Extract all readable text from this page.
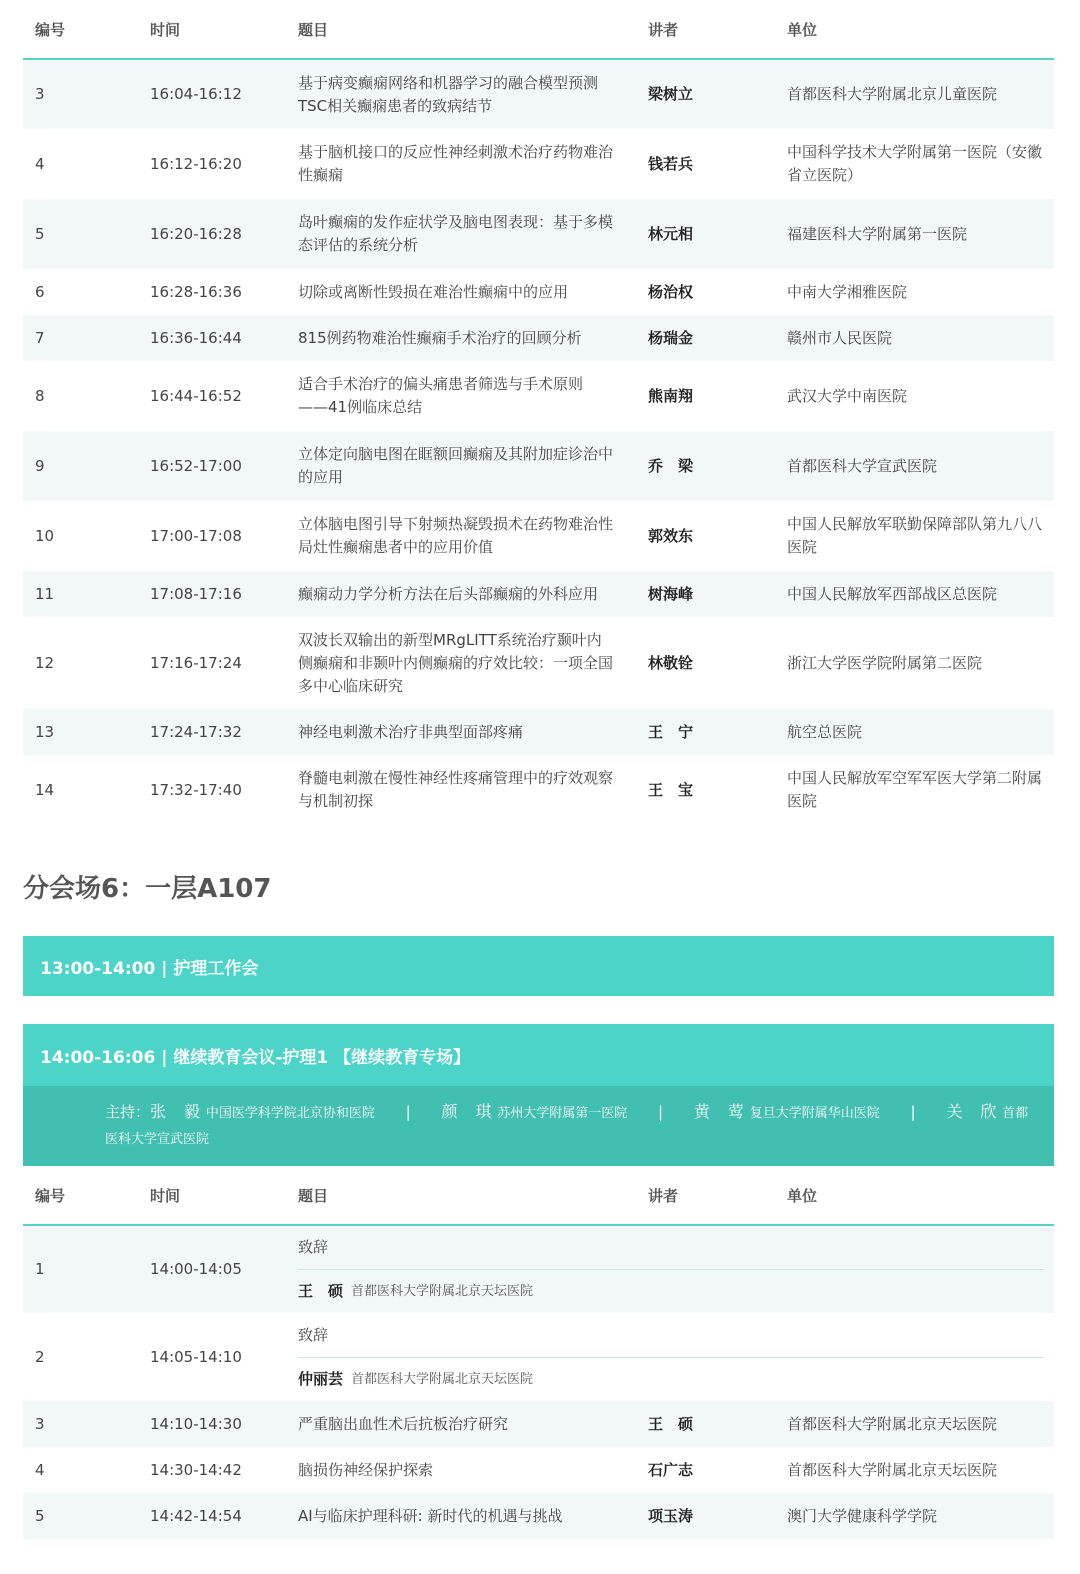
编号	时间	题目	讲者	单位
3	16:04-16:12	基于病变癫痫网络和机器学习的融合模型预测TSC相关癫痫患者的致病结节	梁树立	首都医科大学附属北京儿童医院
4	16:12-16:20	基于脑机接口的反应性神经刺激术治疗药物难治性癫痫	钱若兵	中国科学技术大学附属第一医院（安徽省立医院）
5	16:20-16:28	岛叶癫痫的发作症状学及脑电图表现：基于多模态评估的系统分析	林元相	福建医科大学附属第一医院
6	16:28-16:36	切除或离断性毁损在难治性癫痫中的应用	杨治权	中南大学湘雅医院
7	16:36-16:44	815例药物难治性癫痫手术治疗的回顾分析	杨瑞金	赣州市人民医院
8	16:44-16:52	适合手术治疗的偏头痛患者筛选与手术原则
——41例临床总结	熊南翔	武汉大学中南医院
9	16:52-17:00	立体定向脑电图在眶额回癫痫及其附加症诊治中的应用	乔　梁	首都医科大学宣武医院
10	17:00-17:08	立体脑电图引导下射频热凝毁损术在药物难治性局灶性癫痫患者中的应用价值	郭效东	中国人民解放军联勤保障部队第九八八医院
11	17:08-17:16	癫痫动力学分析方法在后头部癫痫的外科应用	树海峰	中国人民解放军西部战区总医院
12	17:16-17:24	双波长双输出的新型MRgLITT系统治疗颞叶内侧癫痫和非颞叶内侧癫痫的疗效比较：一项全国多中心临床研究	林敬铨	浙江大学医学院附属第二医院
13	17:24-17:32	神经电刺激术治疗非典型面部疼痛	王　宁	航空总医院
14	17:32-17:40	脊髓电刺激在慢性神经性疼痛管理中的疗效观察与机制初探	王　宝	中国人民解放军空军军医大学第二附属医院
分会场6：一层A107
13:00-14:00 | 护理工作会
14:00-16:06 | 继续教育会议-护理1 【继续教育专场】
主持：张　毅 中国医学科学院北京协和医院 | 颜　琪 苏州大学附属第一医院 | 黄　莺 复旦大学附属华山医院 | 关　欣 首都医科大学宣武医院
编号	时间	题目	讲者	单位
1	14:00-14:05	致辞
王　硕 首都医科大学附属北京天坛医院		

2	14:05-14:10	致辞
仲丽芸 首都医科大学附属北京天坛医院		

3	14:10-14:30	严重脑出血性术后抗板治疗研究	王　硕	首都医科大学附属北京天坛医院
4	14:30-14:42	脑损伤神经保护探索	石广志	首都医科大学附属北京天坛医院
5	14:42-14:54	AI与临床护理科研: 新时代的机遇与挑战	项玉涛	澳门大学健康科学学院
